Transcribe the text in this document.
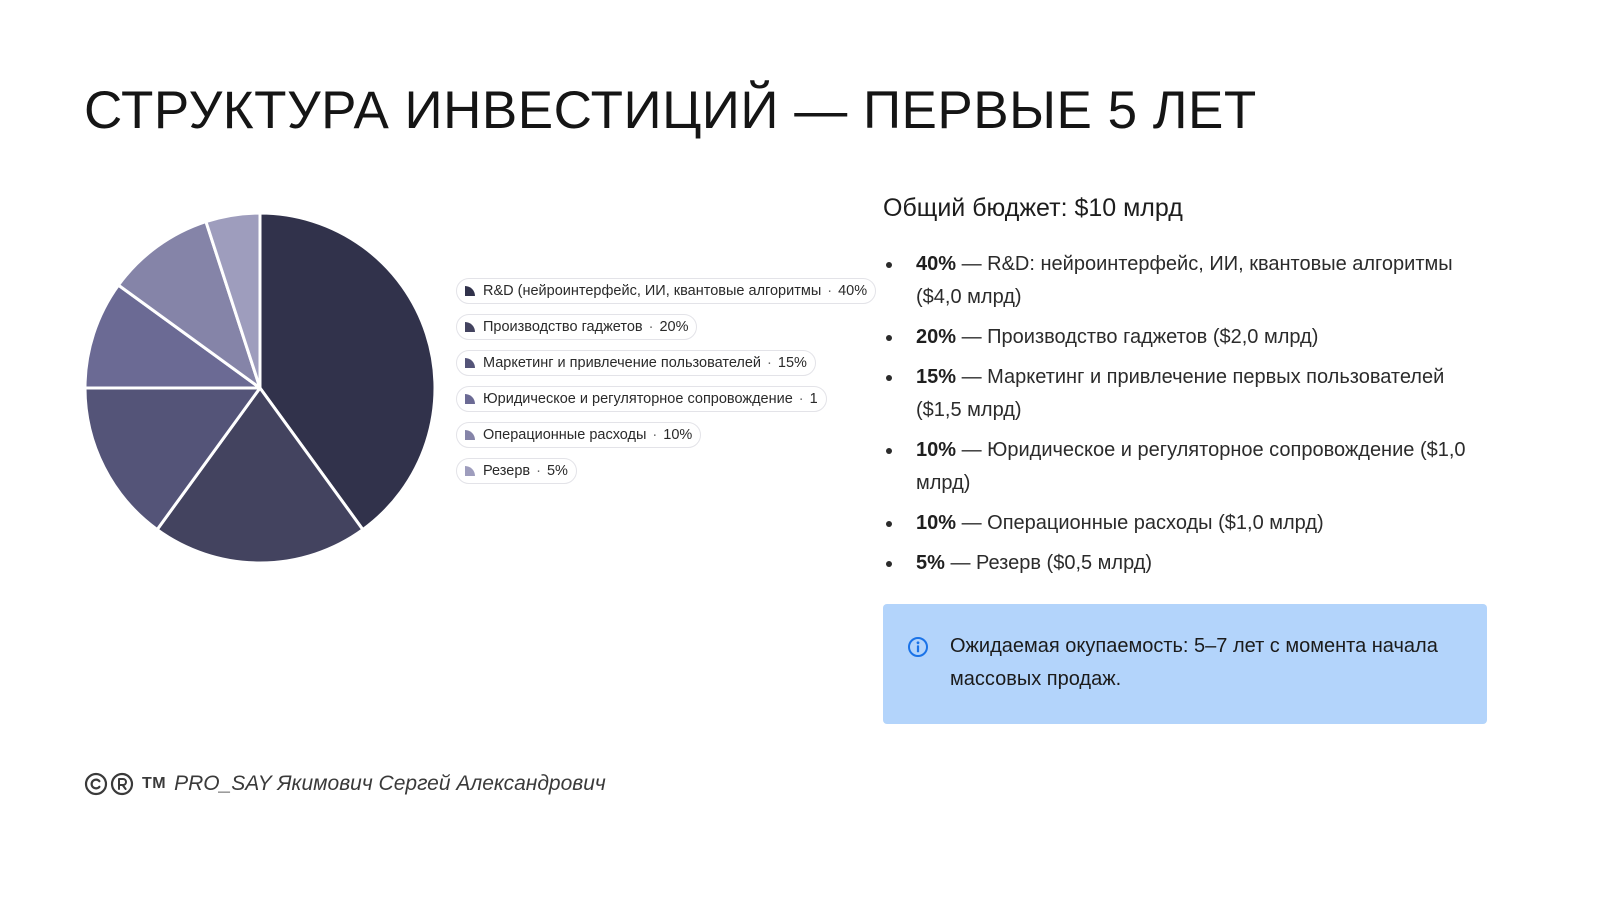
СТРУКТУРА ИНВЕСТИЦИЙ — ПЕРВЫЕ 5 ЛЕТ
R&D (нейроинтерфейс, ИИ, квантовые алгоритмы · 40%
Производство гаджетов · 20%
Маркетинг и привлечение пользователей · 15%
Юридическое и регуляторное сопровождение · 1
Операционные расходы · 10%
Резерв · 5%
Общий бюджет: $10 млрд
40% — R&D: нейроинтерфейс, ИИ, квантовые алгоритмы ($4,0 млрд)
20% — Производство гаджетов ($2,0 млрд)
15% — Маркетинг и привлечение первых пользователей ($1,5 млрд)
10% — Юридическое и регуляторное сопровождение ($1,0 млрд)
10% — Операционные расходы ($1,0 млрд)
5% — Резерв ($0,5 млрд)
Ожидаемая окупаемость: 5–7 лет с момента начала массовых продаж.
TM PRO_SAY Якимович Сергей Александрович
